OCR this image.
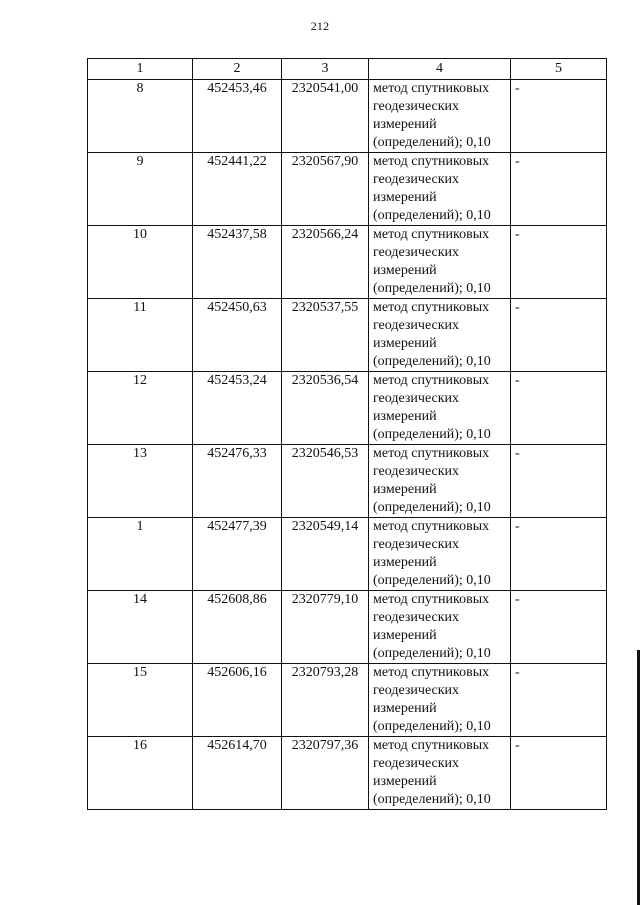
212
1	2	3	4	5
8	452453,46	2320541,00	метод спутниковых геодезических измерений (определений); 0,10	-
9	452441,22	2320567,90	метод спутниковых геодезических измерений (определений); 0,10	-
10	452437,58	2320566,24	метод спутниковых геодезических измерений (определений); 0,10	-
11	452450,63	2320537,55	метод спутниковых геодезических измерений (определений); 0,10	-
12	452453,24	2320536,54	метод спутниковых геодезических измерений (определений); 0,10	-
13	452476,33	2320546,53	метод спутниковых геодезических измерений (определений); 0,10	-
1	452477,39	2320549,14	метод спутниковых геодезических измерений (определений); 0,10	-
14	452608,86	2320779,10	метод спутниковых геодезических измерений (определений); 0,10	-
15	452606,16	2320793,28	метод спутниковых геодезических измерений (определений); 0,10	-
16	452614,70	2320797,36	метод спутниковых геодезических измерений (определений); 0,10	-
